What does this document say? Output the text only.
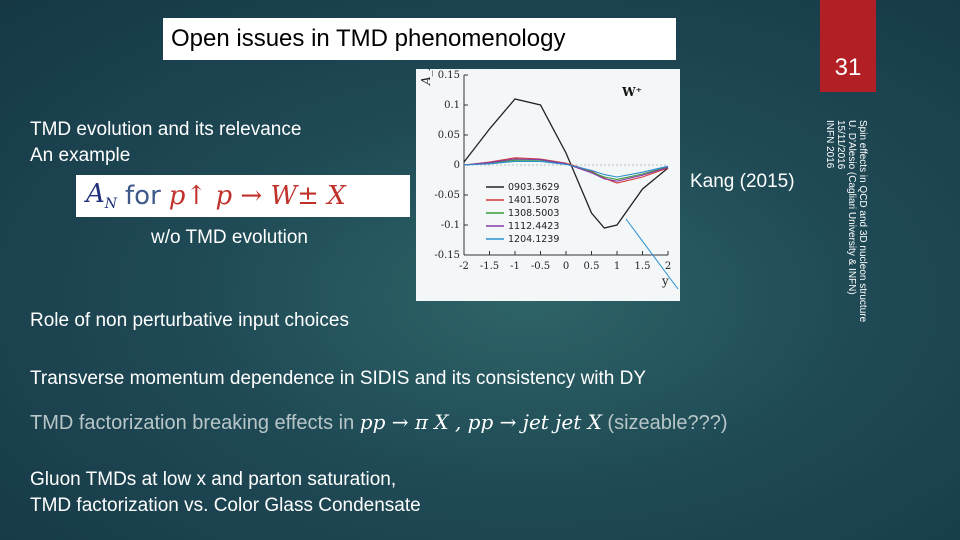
Open issues in TMD phenomenology
31
Spin effects in QCD and 3D nucleon structure
U. D'Alesio (Cagliari University & INFN)
15/11/2016
INFN 2016
TMD evolution and its relevance
An example
$A_N$ for p↑ p → W± X
w/o TMD evolution
0.15
0.1
0.05
0
-0.05
-0.1
-0.15
-2 -1.5 -1 -0.5 0 0.5 1 1.5 2
A_N
y
W⁺
0903.3629
1401.5078
1308.5003
1112.4423
1204.1239
Kang (2015)
Role of non perturbative input choices
Transverse momentum dependence in SIDIS and its consistency with DY
TMD factorization breaking effects in pp → π X , pp → jet jet X (sizeable???)
Gluon TMDs at low x and parton saturation,
TMD factorization vs. Color Glass Condensate
